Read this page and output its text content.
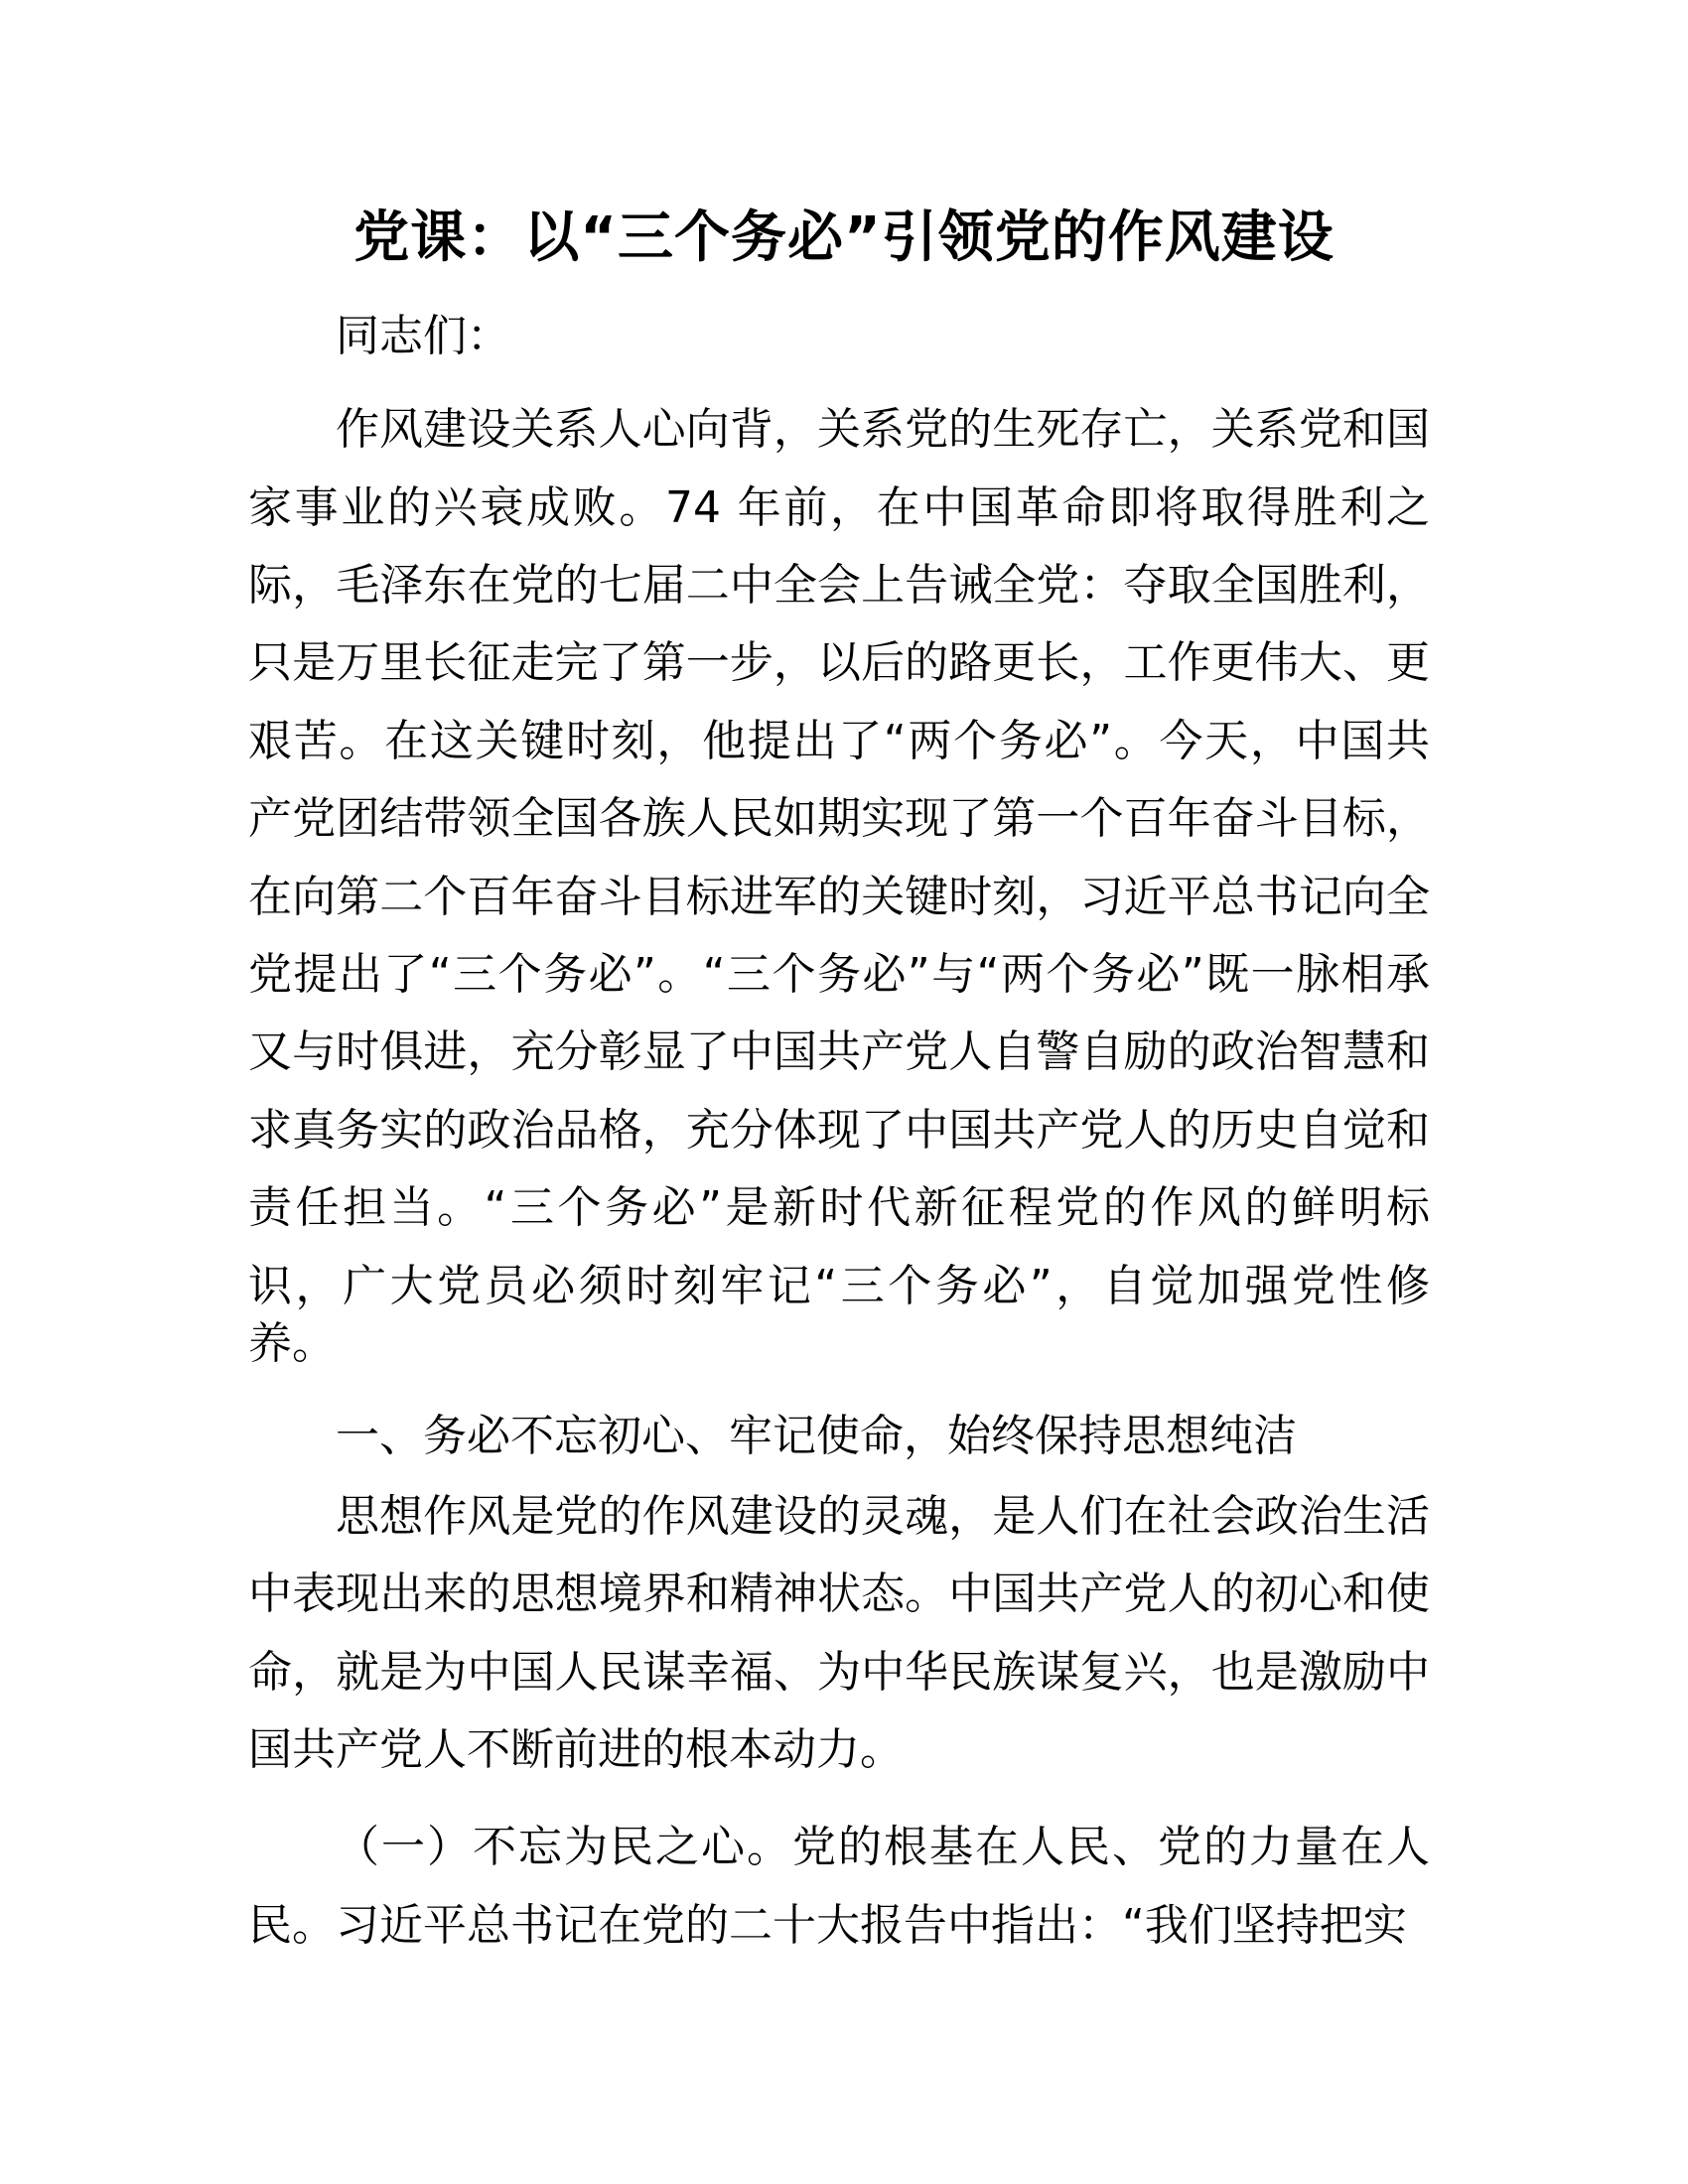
党课：以“三个务必”引领党的作风建设
同志们：
作风建设关系人心向背，关系党的生死存亡，关系党和国
家事业的兴衰成败。74 年前，在中国革命即将取得胜利之
际，毛泽东在党的七届二中全会上告诫全党：夺取全国胜利，
只是万里长征走完了第一步，以后的路更长，工作更伟大、更
艰苦。在这关键时刻，他提出了“两个务必”。今天，中国共
产党团结带领全国各族人民如期实现了第一个百年奋斗目标，
在向第二个百年奋斗目标进军的关键时刻，习近平总书记向全
党提出了“三个务必”。“三个务必”与“两个务必”既一脉相承
又与时俱进，充分彰显了中国共产党人自警自励的政治智慧和
求真务实的政治品格，充分体现了中国共产党人的历史自觉和
责任担当。“三个务必”是新时代新征程党的作风的鲜明标
识，广大党员必须时刻牢记“三个务必”，自觉加强党性修
养。
一、务必不忘初心、牢记使命，始终保持思想纯洁
思想作风是党的作风建设的灵魂，是人们在社会政治生活
中表现出来的思想境界和精神状态。中国共产党人的初心和使
命，就是为中国人民谋幸福、为中华民族谋复兴，也是激励中
国共产党人不断前进的根本动力。
（一）不忘为民之心。党的根基在人民、党的力量在人
民。习近平总书记在党的二十大报告中指出：“我们坚持把实
